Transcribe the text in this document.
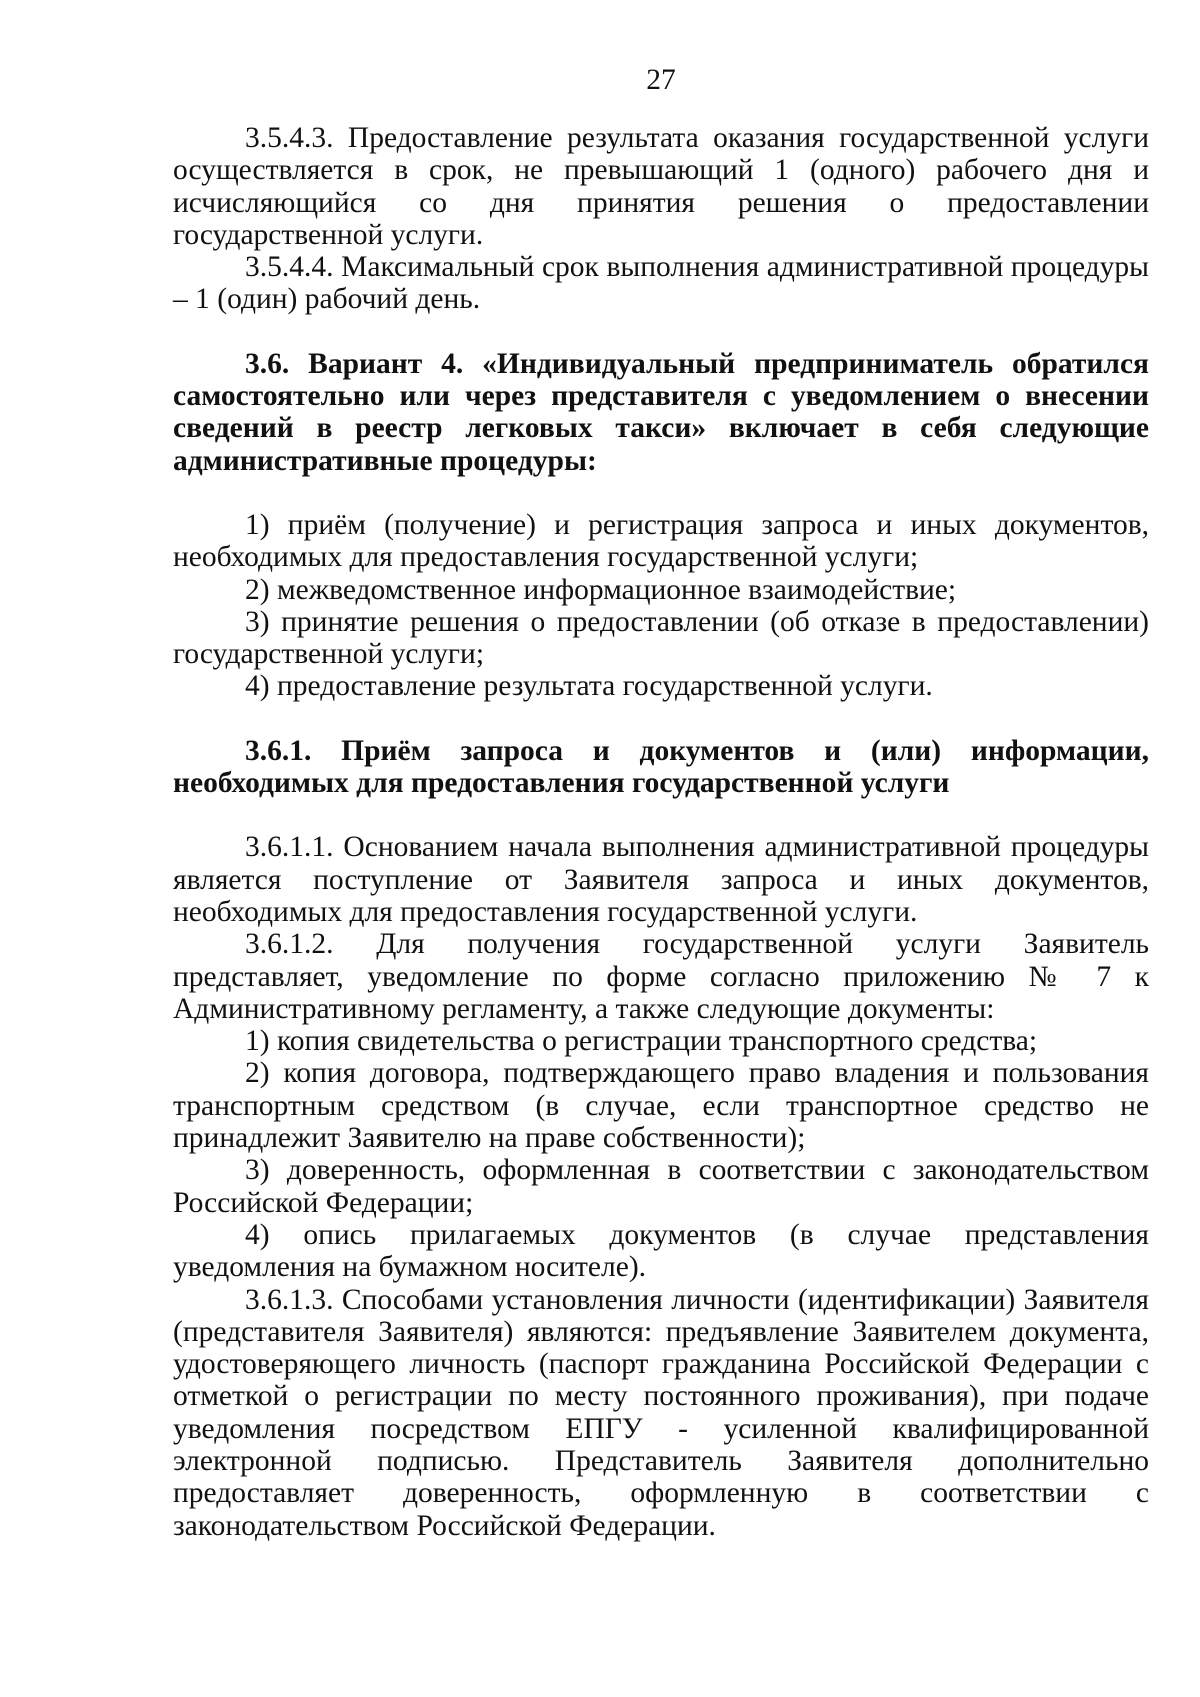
27

3.5.4.3. Предоставление результата оказания государственной услуги осуществляется в срок, не превышающий 1 (одного) рабочего дня и исчисляющийся со дня принятия решения о предоставлении государственной услуги.

3.5.4.4. Максимальный срок выполнения административной процедуры – 1 (один) рабочий день.

3.6. Вариант 4. «Индивидуальный предприниматель обратился самостоятельно или через представителя с уведомлением о внесении сведений в реестр легковых такси» включает в себя следующие административные процедуры:

1) приём (получение) и регистрация запроса и иных документов, необходимых для предоставления государственной услуги;

2) межведомственное информационное взаимодействие;

3) принятие решения о предоставлении (об отказе в предоставлении) государственной услуги;

4) предоставление результата государственной услуги.

3.6.1. Приём запроса и документов и (или) информации, необходимых для предоставления государственной услуги

3.6.1.1. Основанием начала выполнения административной процедуры является поступление от Заявителя запроса и иных документов, необходимых для предоставления государственной услуги.

3.6.1.2. Для получения государственной услуги Заявитель представляет, уведомление по форме согласно приложению № 7 к Административному регламенту, а также следующие документы:

1) копия свидетельства о регистрации транспортного средства;

2) копия договора, подтверждающего право владения и пользования транспортным средством (в случае, если транспортное средство не принадлежит Заявителю на праве собственности);

3) доверенность, оформленная в соответствии с законодательством Российской Федерации;

4) опись прилагаемых документов (в случае представления уведомления на бумажном носителе).

3.6.1.3. Способами установления личности (идентификации) Заявителя (представителя Заявителя) являются: предъявление Заявителем документа, удостоверяющего личность (паспорт гражданина Российской Федерации с отметкой о регистрации по месту постоянного проживания), при подаче уведомления посредством ЕПГУ - усиленной квалифицированной электронной подписью. Представитель Заявителя дополнительно предоставляет доверенность, оформленную в соответствии с законодательством Российской Федерации.
